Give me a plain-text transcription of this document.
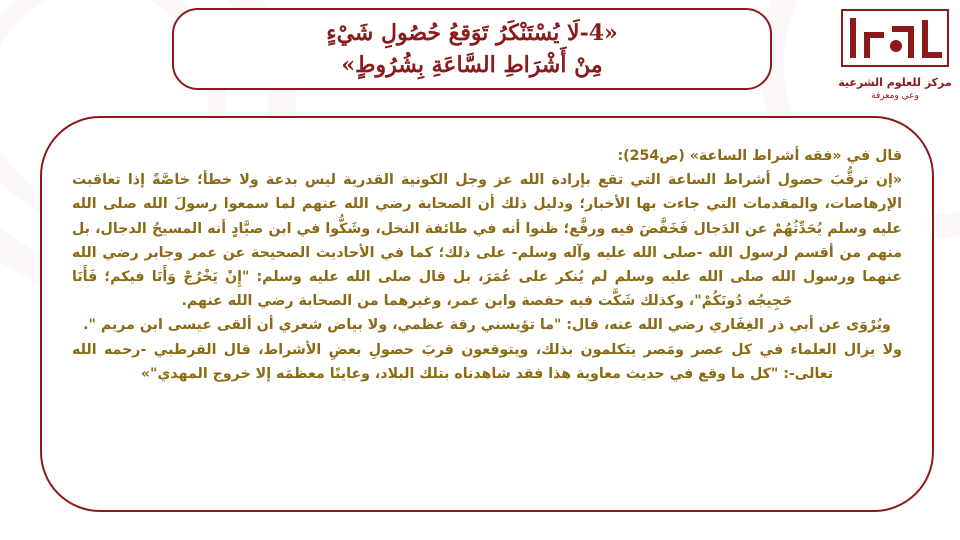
«4-لَا يُسْتَنْكَرُ تَوَقعُ حُصُولِ شَيْءٍ
مِنْ أَشْرَاطِ السَّاعَةِ بِشُرُوطٍ»
مركز للعلوم الشرعية
وعي ومعرفة

قال في «فقه أشراط الساعة» (ص254):

«إن ترقُّبَ حصول أشراط الساعة التي تقع بإرادة الله عز وجل الكونية القدرية ليس بدعة ولا خطأ؛ خاصَّةً إذا تعاقبت الإرهاصات، والمقدمات التي جاءت بها الأخبار؛ ودليل ذلك أن الصحابة رضي الله عنهم لما سمعوا رسولَ الله صلى الله عليه وسلم يُحَدِّثُهُمْ عن الدَجال فَخَفَّضَ فيه ورفَّع؛ ظنوا أنه في طائفة النخل، وشَكُّوا في ابن صيَّادٍ أنه المسيحُ الدجال، بل منهم من أقسم لرسول الله -صلى الله عليه وآله وسلم- على ذلك؛ كما في الأحاديث الصحيحة عن عمر وجابر رضي الله عنهما ورسول الله صلى الله عليه وسلم لم يُنكر على عُمَرَ، بل قال صلى الله عليه وسلم: "إِنْ يَخْرُجْ وَأَنَا فيكم؛ فَأَنَا حَجِيجُه دُونَكُمْ"، وكذلك شَكَّت فيه حفصة وابن عمر، وغيرهما من الصحابة رضي الله عنهم.

ويُرْوَى عن أبي ذر الغِفَاري رضي الله عنه، قال: "ما تؤيسني رقة عظمي، ولا بياض شعري أن ألقى عيسى ابن مريم ".

ولا يزال العلماء في كل عصر ومَصر يتكلمون بذلك، ويتوقعون قربَ حصولِ بعضِ الأشراط، قال القرطبي -رحمه الله تعالى-: "كل ما وقع في حديث معاوية هذا فقد شاهدناه بتلك البلاد، وعاينًا معظمَه إلا خروج المهدي"»
